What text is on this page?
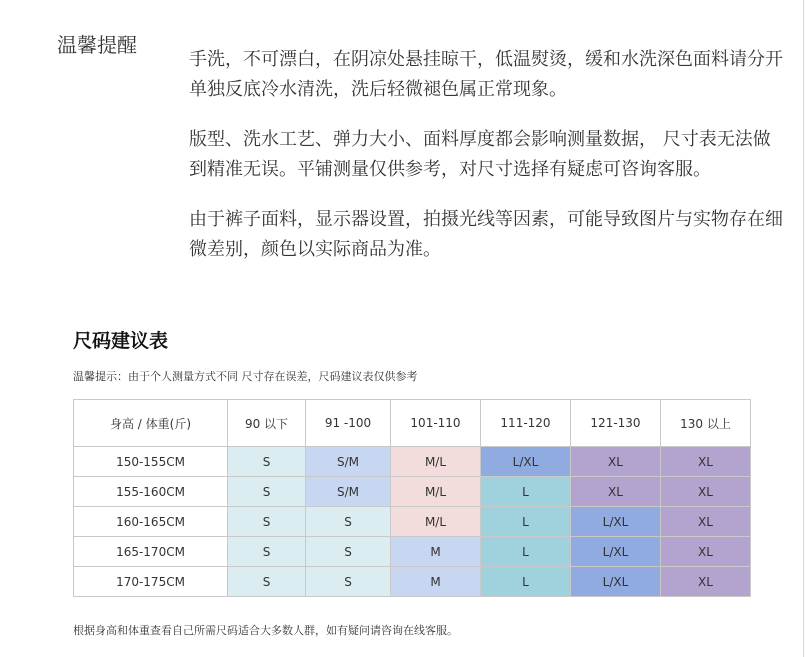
温馨提醒

手洗，不可漂白，在阴凉处悬挂晾干，低温熨烫，缓和水洗深色面料请分开
单独反底冷水清洗，洗后轻微褪色属正常现象。

版型、洗水工艺、弹力大小、面料厚度都会影响测量数据， 尺寸表无法做
到精准无误。平铺测量仅供参考，对尺寸选择有疑虑可咨询客服。

由于裤子面料，显示器设置，拍摄光线等因素，可能导致图片与实物存在细
微差别，颜色以实际商品为准。

尺码建议表
温馨提示：由于个人测量方式不同 尺寸存在误差，尺码建议表仅供参考
身高 / 体重(斤)	90 以下	91 -100	101-110	111-120	121-130	130 以上
150-155CM	S	S/M	M/L	L/XL	XL	XL
155-160CM	S	S/M	M/L	L	XL	XL
160-165CM	S	S	M/L	L	L/XL	XL
165-170CM	S	S	M	L	L/XL	XL
170-175CM	S	S	M	L	L/XL	XL
根据身高和体重查看自己所需尺码适合大多数人群，如有疑问请咨询在线客服。
